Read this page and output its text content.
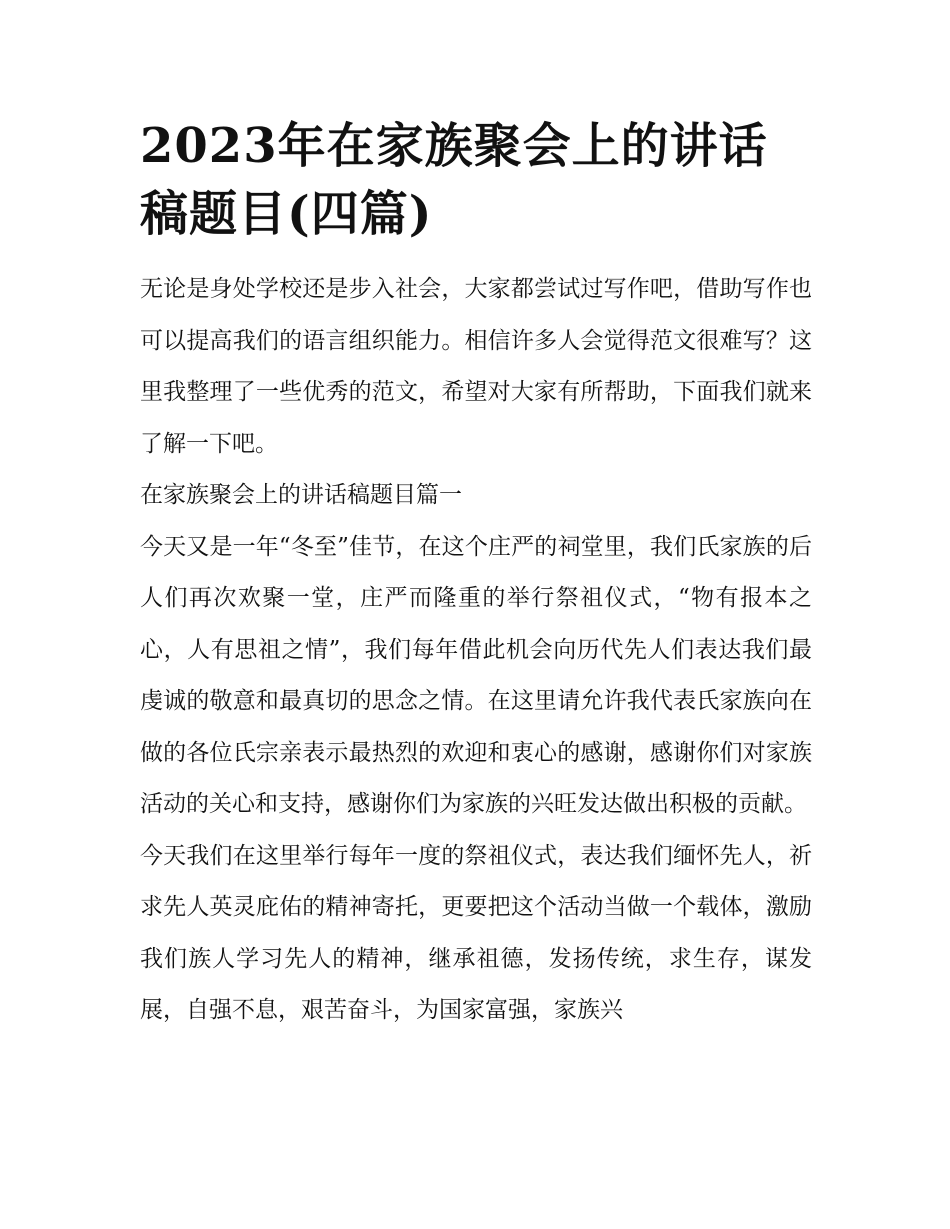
2023年在家族聚会上的讲话稿题目(四篇)

无论是身处学校还是步入社会，大家都尝试过写作吧，借助写作也可以提高我们的语言组织能力。相信许多人会觉得范文很难写？这里我整理了一些优秀的范文，希望对大家有所帮助，下面我们就来了解一下吧。

在家族聚会上的讲话稿题目篇一

今天又是一年“冬至”佳节，在这个庄严的祠堂里，我们氏家族的后人们再次欢聚一堂，庄严而隆重的举行祭祖仪式，“物有报本之心，人有思祖之情”，我们每年借此机会向历代先人们表达我们最虔诚的敬意和最真切的思念之情。在这里请允许我代表氏家族向在做的各位氏宗亲表示最热烈的欢迎和衷心的感谢，感谢你们对家族活动的关心和支持，感谢你们为家族的兴旺发达做出积极的贡献。

今天我们在这里举行每年一度的祭祖仪式，表达我们缅怀先人，祈求先人英灵庇佑的精神寄托，更要把这个活动当做一个载体，激励我们族人学习先人的精神，继承祖德，发扬传统，求生存，谋发展，自强不息，艰苦奋斗，为国家富强，家族兴
